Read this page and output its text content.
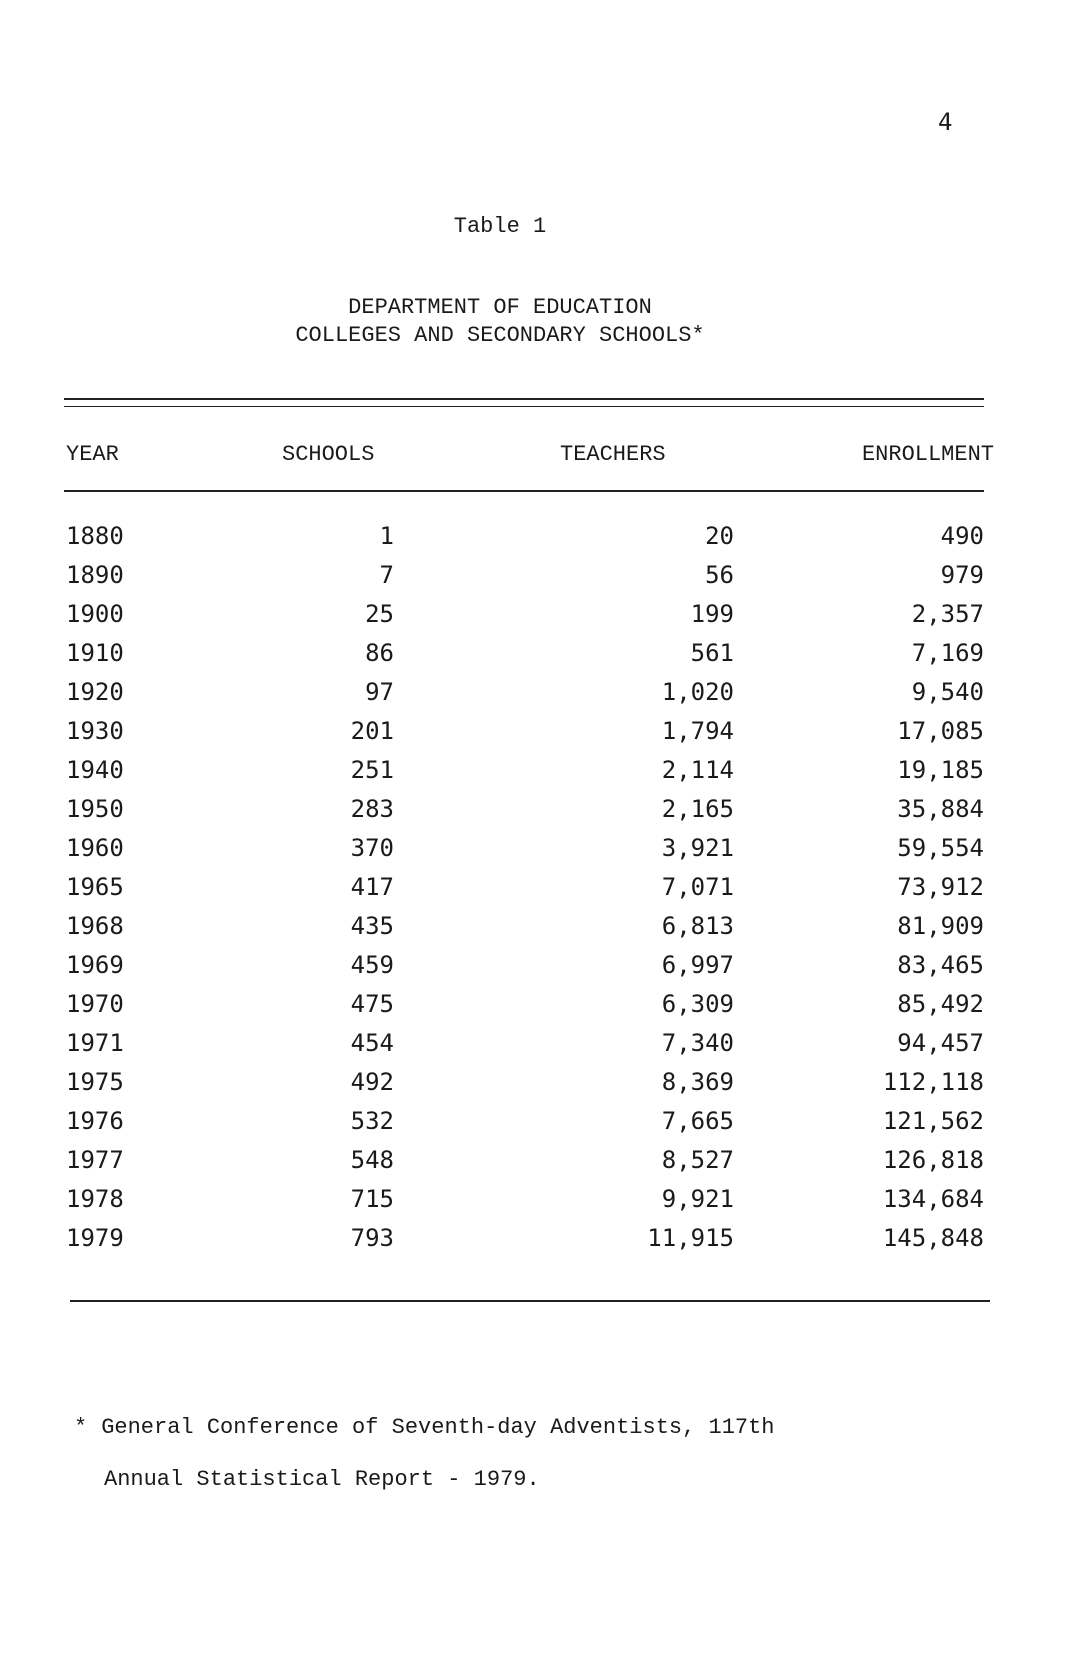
4
Table 1
DEPARTMENT OF EDUCATION
COLLEGES AND SECONDARY SCHOOLS*
YEAR	SCHOOLS	TEACHERS	ENROLLMENT
1880	1	20	490
1890	7	56	979
1900	25	199	2,357
1910	86	561	7,169
1920	97	1,020	9,540
1930	201	1,794	17,085
1940	251	2,114	19,185
1950	283	2,165	35,884
1960	370	3,921	59,554
1965	417	7,071	73,912
1968	435	6,813	81,909
1969	459	6,997	83,465
1970	475	6,309	85,492
1971	454	7,340	94,457
1975	492	8,369	112,118
1976	532	7,665	121,562
1977	548	8,527	126,818
1978	715	9,921	134,684
1979	793	11,915	145,848
* General Conference of Seventh-day Adventists, 117th
Annual Statistical Report - 1979.
